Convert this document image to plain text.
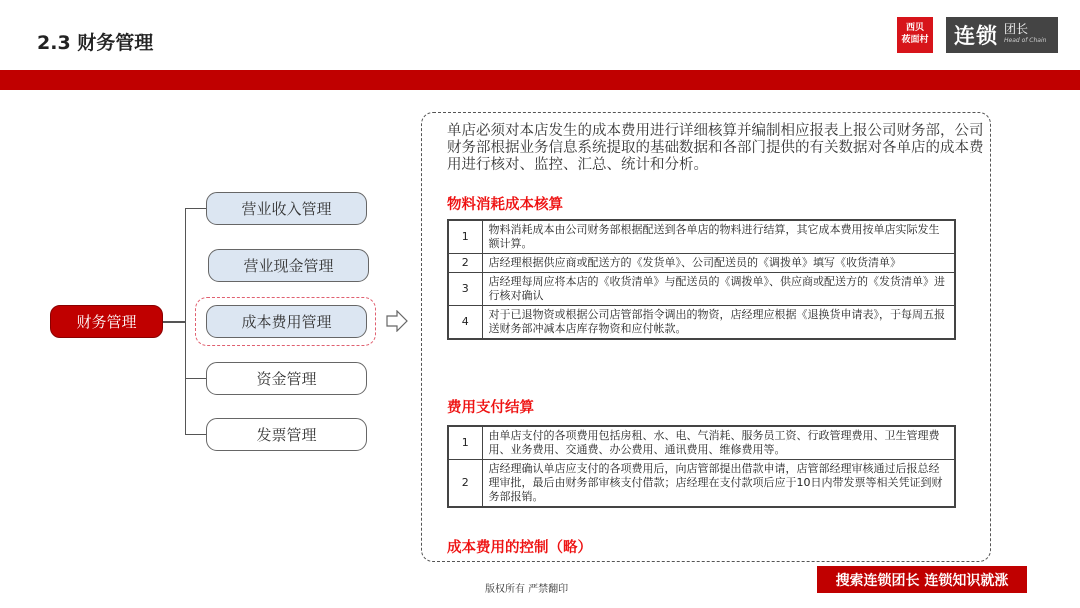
2.3 财务管理
西贝
莜面村 连锁 团长
Head of Chain
财务管理
营业收入管理
营业现金管理
成本费用管理
资金管理
发票管理
单店必须对本店发生的成本费用进行详细核算并编制相应报表上报公司财务部，公司财务部根据业务信息系统提取的基础数据和各部门提供的有关数据对各单店的成本费用进行核对、监控、汇总、统计和分析。
物料消耗成本核算
1	物料消耗成本由公司财务部根据配送到各单店的物料进行结算，其它成本费用按单店实际发生额计算。
2	店经理根据供应商或配送方的《发货单》、公司配送员的《调拨单》填写《收货清单》
3	店经理每周应将本店的《收货清单》与配送员的《调拨单》、供应商或配送方的《发货清单》进行核对确认
4	对于已退物资或根据公司店管部指令调出的物资，店经理应根据《退换货申请表》，于每周五报送财务部冲减本店库存物资和应付帐款。
费用支付结算
1	由单店支付的各项费用包括房租、水、电、气消耗、服务员工资、行政管理费用、卫生管理费用、业务费用、交通费、办公费用、通讯费用、维修费用等。
2	店经理确认单店应支付的各项费用后，向店管部提出借款申请，店管部经理审核通过后报总经理审批，最后由财务部审核支付借款；店经理在支付款项后应于10日内带发票等相关凭证到财务部报销。
成本费用的控制（略）
版权所有 严禁翻印
搜索连锁团长 连锁知识就涨
